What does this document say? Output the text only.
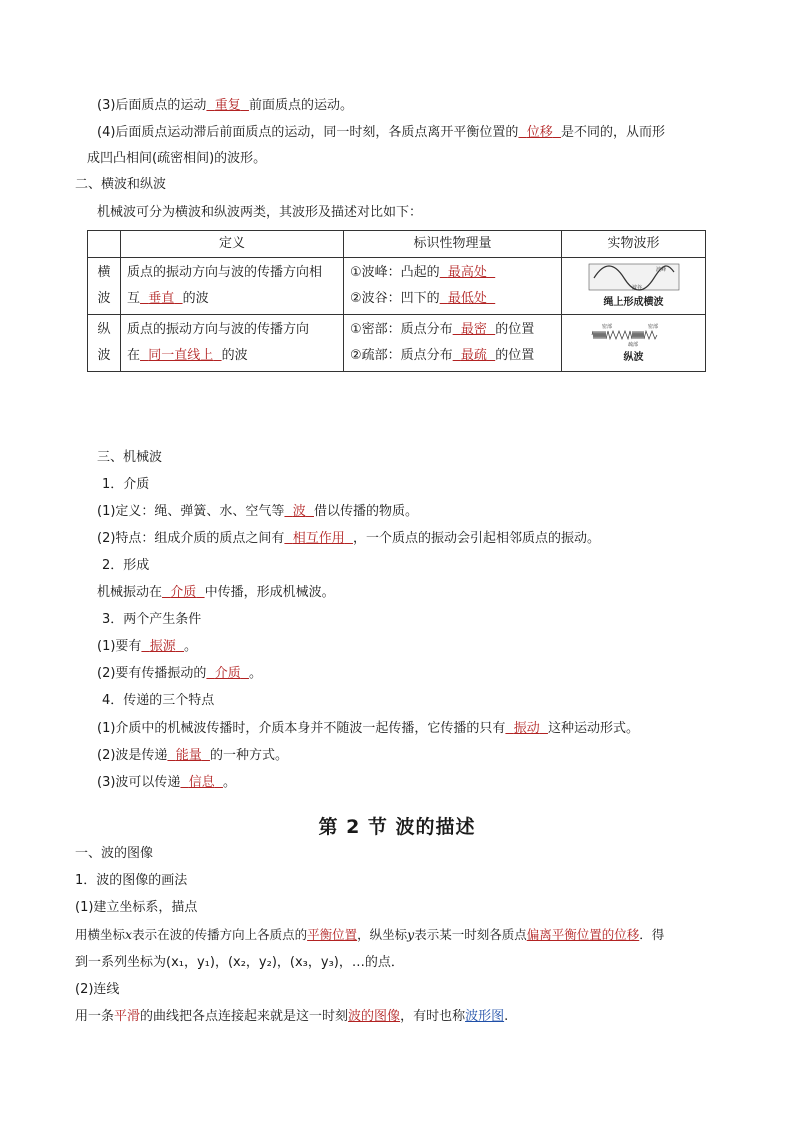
(3)后面质点的运动 重复 前面质点的运动。
(4)后面质点运动滞后前面质点的运动，同一时刻，各质点离开平衡位置的 位移 是不同的，从而形
成凹凸相间(疏密相间)的波形。
二、横波和纵波
机械波可分为横波和纵波两类，其波形及描述对比如下：
	定义	标识性物理量	实物波形
横波	质点的振动方向与波的传播方向相互 垂直 的波	①波峰：凸起的 最高处
②波谷：凹下的 最低处	波峰
波谷
绳上形成横波

纵波	质点的振动方向与波的传播方向在 同一直线上 的波	①密部：质点分布 最密 的位置
②疏部：质点分布 最疏 的位置	密部 密部
疏部
纵波
三、机械波
1．介质
(1)定义：绳、弹簧、水、空气等 波 借以传播的物质。
(2)特点：组成介质的质点之间有 相互作用 ，一个质点的振动会引起相邻质点的振动。
2．形成
机械振动在 介质 中传播，形成机械波。
3．两个产生条件
(1)要有 振源 。
(2)要有传播振动的 介质 。
4．传递的三个特点
(1)介质中的机械波传播时，介质本身并不随波一起传播，它传播的只有 振动 这种运动形式。
(2)波是传递 能量 的一种方式。
(3)波可以传递 信息 。
第 2 节 波的描述
一、波的图像
1．波的图像的画法
(1)建立坐标系，描点
用横坐标x表示在波的传播方向上各质点的平衡位置，纵坐标y表示某一时刻各质点偏离平衡位置的位移．得
到一系列坐标为(x₁，y₁)，(x₂，y₂)，(x₃，y₃)，…的点．
(2)连线
用一条平滑的曲线把各点连接起来就是这一时刻波的图像，有时也称波形图.
